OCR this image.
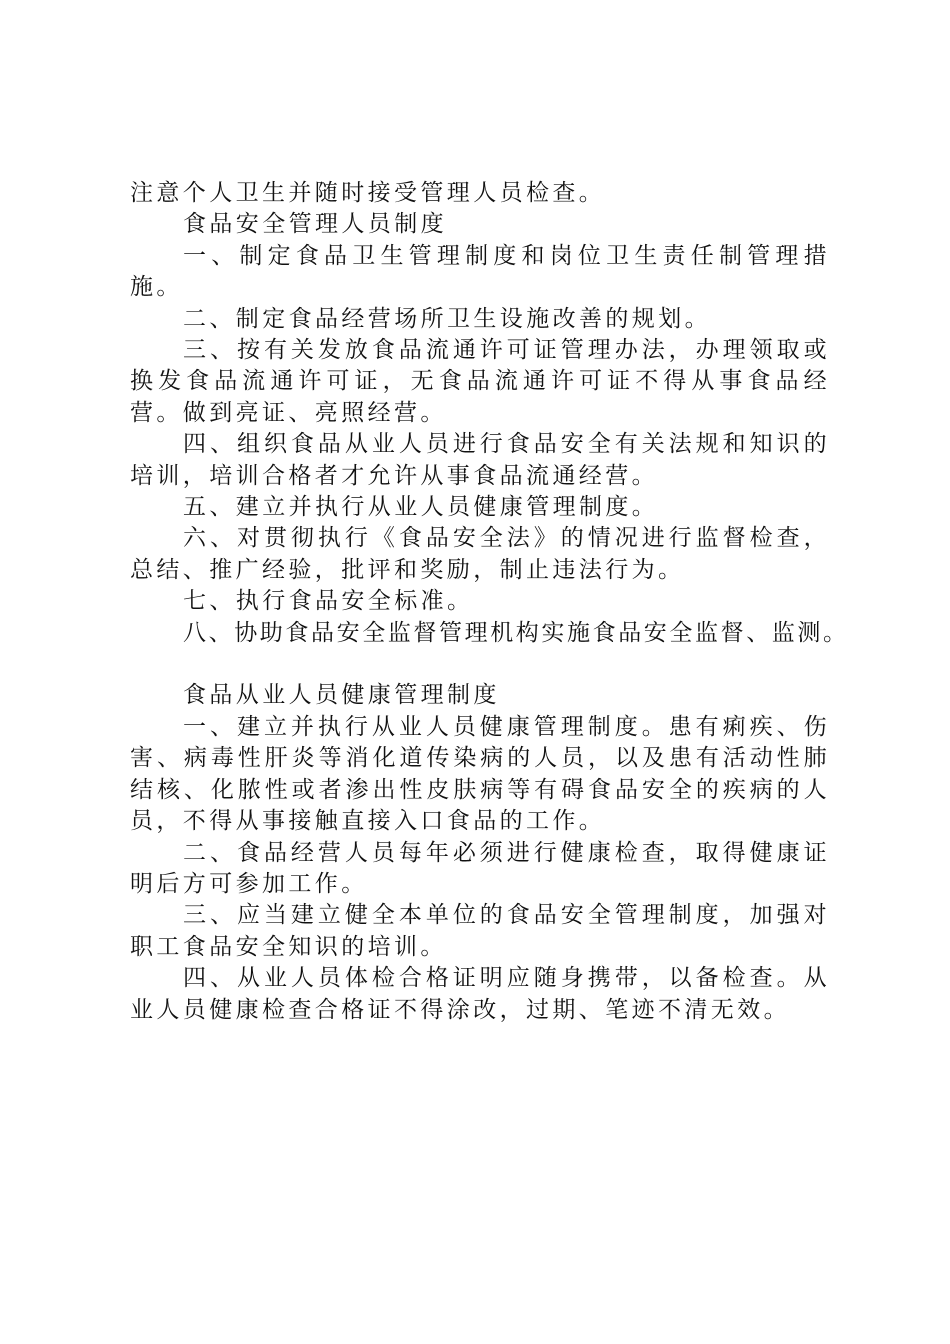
注意个人卫生并随时接受管理人员检查。

食品安全管理人员制度

一、制定食品卫生管理制度和岗位卫生责任制管理措施。

二、制定食品经营场所卫生设施改善的规划。

三、按有关发放食品流通许可证管理办法，办理领取或换发食品流通许可证，无食品流通许可证不得从事食品经营。做到亮证、亮照经营。

四、组织食品从业人员进行食品安全有关法规和知识的培训，培训合格者才允许从事食品流通经营。

五、建立并执行从业人员健康管理制度。

六、对贯彻执行《食品安全法》的情况进行监督检查，总结、推广经验，批评和奖励，制止违法行为。

七、执行食品安全标准。

八、协助食品安全监督管理机构实施食品安全监督、监测。

食品从业人员健康管理制度

一、建立并执行从业人员健康管理制度。患有痢疾、伤害、病毒性肝炎等消化道传染病的人员，以及患有活动性肺结核、化脓性或者渗出性皮肤病等有碍食品安全的疾病的人员，不得从事接触直接入口食品的工作。

二、食品经营人员每年必须进行健康检查，取得健康证明后方可参加工作。

三、应当建立健全本单位的食品安全管理制度，加强对职工食品安全知识的培训。

四、从业人员体检合格证明应随身携带，以备检查。从业人员健康检查合格证不得涂改，过期、笔迹不清无效。
